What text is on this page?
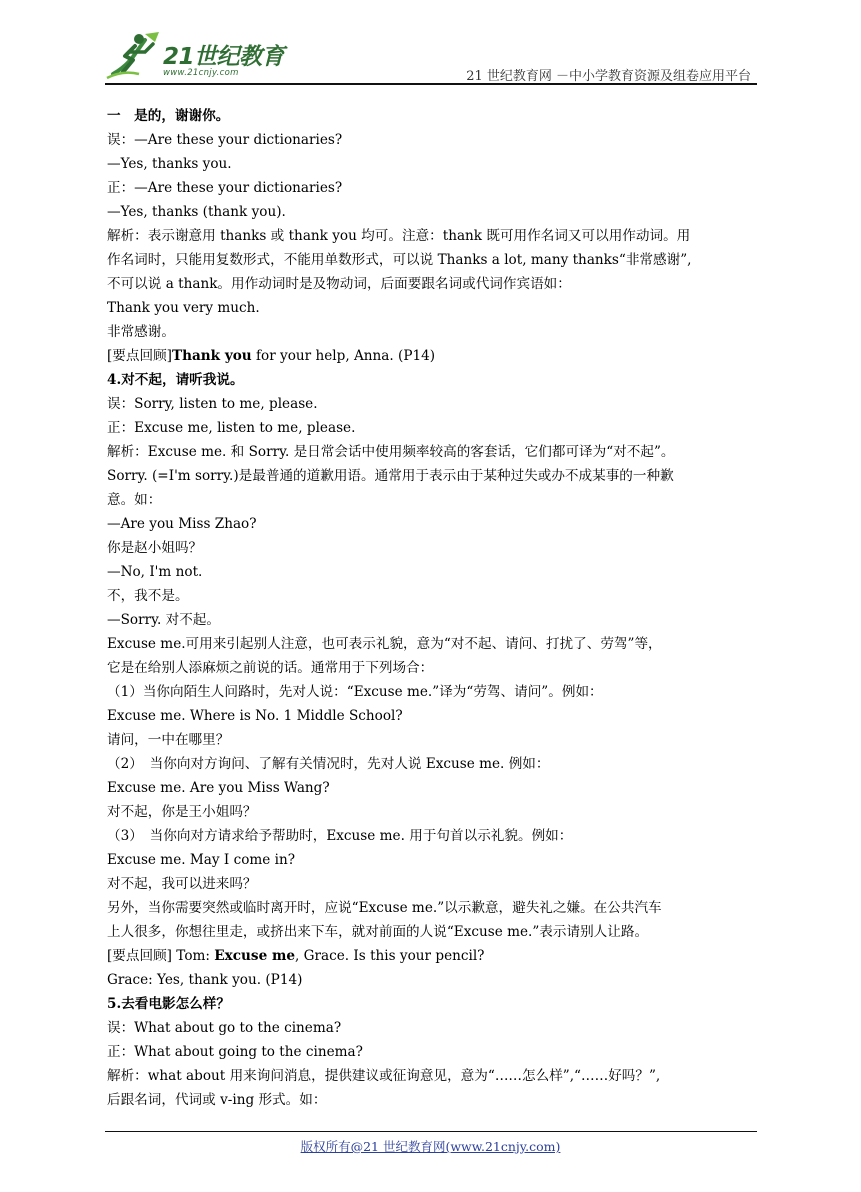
21世纪教育
www.21cnjy.com	21 世纪教育网 －中小学教育资源及组卷应用平台
一　是的，谢谢你。
误：—Are these your dictionaries?
—Yes, thanks you.
正：—Are these your dictionaries?
—Yes, thanks (thank you).
解析：表示谢意用 thanks 或 thank you 均可。注意：thank 既可用作名词又可以用作动词。用
作名词时，只能用复数形式，不能用单数形式，可以说 Thanks a lot, many thanks“非常感谢”,
不可以说 a thank。用作动词时是及物动词，后面要跟名词或代词作宾语如：
Thank you very much.
非常感谢。
[要点回顾]Thank you for your help, Anna. (P14)
4.对不起，请听我说。
误：Sorry, listen to me, please.
正：Excuse me, listen to me, please.
解析：Excuse me. 和 Sorry. 是日常会话中使用频率较高的客套话，它们都可译为“对不起”。
Sorry. (=I'm sorry.)是最普通的道歉用语。通常用于表示由于某种过失或办不成某事的一种歉
意。如：
—Are you Miss Zhao?
你是赵小姐吗？
—No, I'm not.
不，我不是。
—Sorry. 对不起。
Excuse me.可用来引起别人注意，也可表示礼貌，意为“对不起、请问、打扰了、劳驾”等，
它是在给别人添麻烦之前说的话。通常用于下列场合：
（1）当你向陌生人问路时，先对人说：“Excuse me.”译为“劳驾、请问”。例如：
Excuse me. Where is No. 1 Middle School?
请问，一中在哪里？
（2）　当你向对方询问、了解有关情况时，先对人说 Excuse me. 例如：
Excuse me. Are you Miss Wang?
对不起，你是王小姐吗？
（3）　当你向对方请求给予帮助时，Excuse me. 用于句首以示礼貌。例如：
Excuse me. May I come in?
对不起，我可以进来吗？
另外，当你需要突然或临时离开时，应说“Excuse me.”以示歉意，避失礼之嫌。在公共汽车
上人很多，你想往里走，或挤出来下车，就对前面的人说“Excuse me.”表示请别人让路。
[要点回顾] Tom: Excuse me, Grace. Is this your pencil?
Grace: Yes, thank you. (P14)
5.去看电影怎么样？
误：What about go to the cinema?
正：What about going to the cinema?
解析：what about 用来询问消息，提供建议或征询意见，意为“……怎么样”,“……好吗？”,
后跟名词，代词或 v-ing 形式。如：
版权所有@21 世纪教育网(www.21cnjy.com)
